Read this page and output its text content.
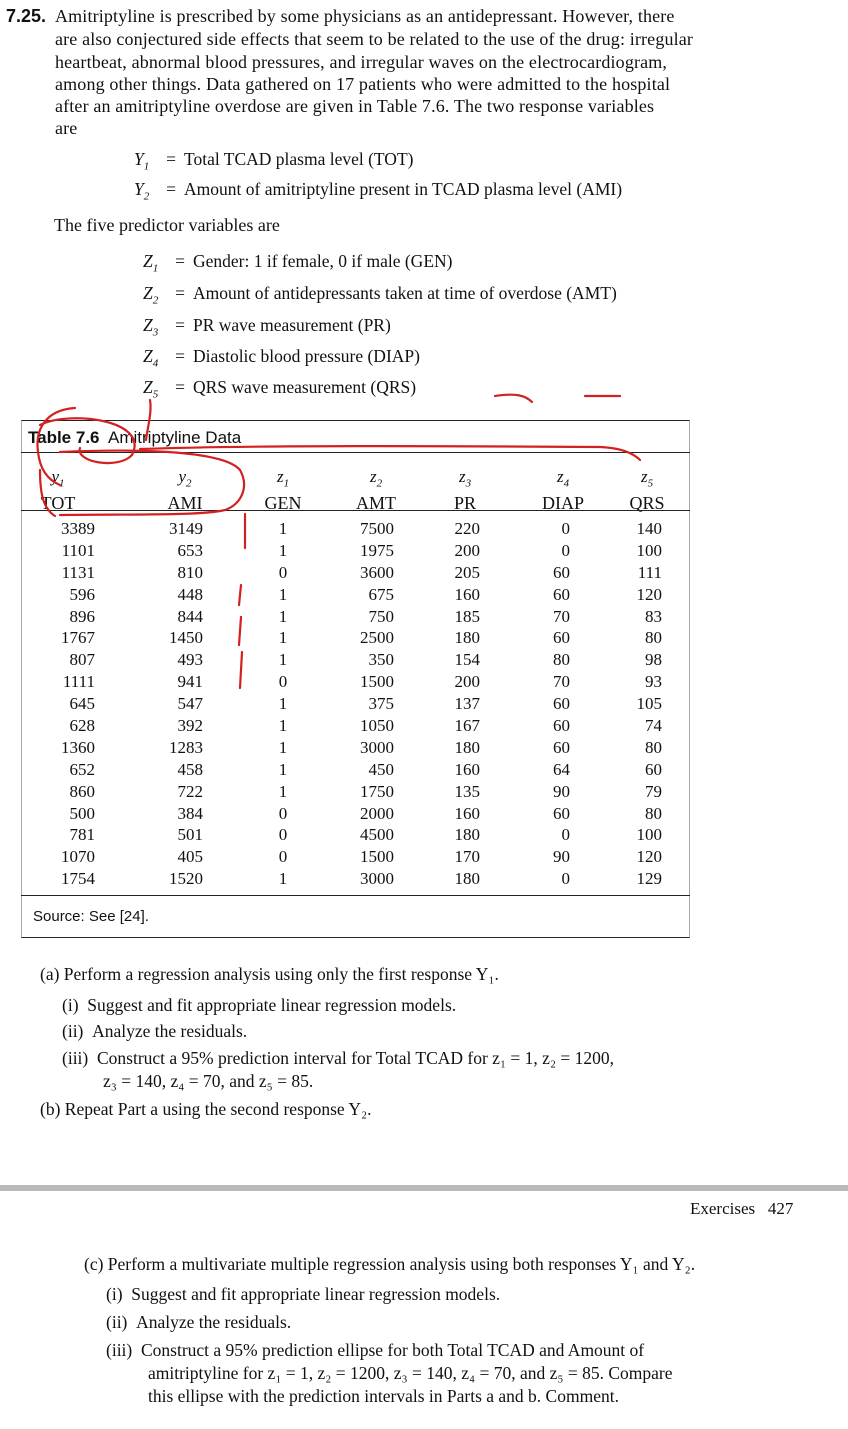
7.25. Amitriptyline is prescribed by some physicians as an antidepressant. However, there
are also conjectured side effects that seem to be related to the use of the drug: irregular
heartbeat, abnormal blood pressures, and irregular waves on the electrocardiogram,
among other things. Data gathered on 17 patients who were admitted to the hospital
after an amitriptyline overdose are given in Table 7.6. The two response variables
are
$Y_1$ = Total TCAD plasma level (TOT)
$Y_2$ = Amount of amitriptyline present in TCAD plasma level (AMI)
The five predictor variables are
$Z_1$ = Gender: 1 if female, 0 if male (GEN)
$Z_2$ = Amount of antidepressants taken at time of overdose (AMT)
$Z_3$ = PR wave measurement (PR)
$Z_4$ = Diastolic blood pressure (DIAP)
$Z_5$ = QRS wave measurement (QRS)
Table 7.6 Amitriptyline Data
$y_1$
TOT
$y_2$
AMI
$z_1$
GEN
$z_2$
AMT
$z_3$
PR
$z_4$
DIAP
$z_5$
QRS
3389
1101
1131
596
896
1767
807
1111
645
628
1360
652
860
500
781
1070
1754
3149
653
810
448
844
1450
493
941
547
392
1283
458
722
384
501
405
1520
1
1
0
1
1
1
1
0
1
1
1
1
1
0
0
0
1
7500
1975
3600
675
750
2500
350
1500
375
1050
3000
450
1750
2000
4500
1500
3000
220
200
205
160
185
180
154
200
137
167
180
160
135
160
180
170
180
0
0
60
60
70
60
80
70
60
60
60
64
90
60
0
90
0
140
100
111
120
83
80
98
93
105
74
80
60
79
80
100
120
129
Source: See [24].
(a) Perform a regression analysis using only the first response Y₁.
(i)  Suggest and fit appropriate linear regression models.
(ii)  Analyze the residuals.
(iii)  Construct a 95% prediction interval for Total TCAD for z₁ = 1, z₂ = 1200,
z₃ = 140, z₄ = 70, and z₅ = 85.
(b) Repeat Part a using the second response Y₂.
Exercises 427
(c) Perform a multivariate multiple regression analysis using both responses Y₁ and Y₂.
(i)  Suggest and fit appropriate linear regression models.
(ii)  Analyze the residuals.
(iii)  Construct a 95% prediction ellipse for both Total TCAD and Amount of
amitriptyline for z₁ = 1, z₂ = 1200, z₃ = 140, z₄ = 70, and z₅ = 85. Compare
this ellipse with the prediction intervals in Parts a and b. Comment.
